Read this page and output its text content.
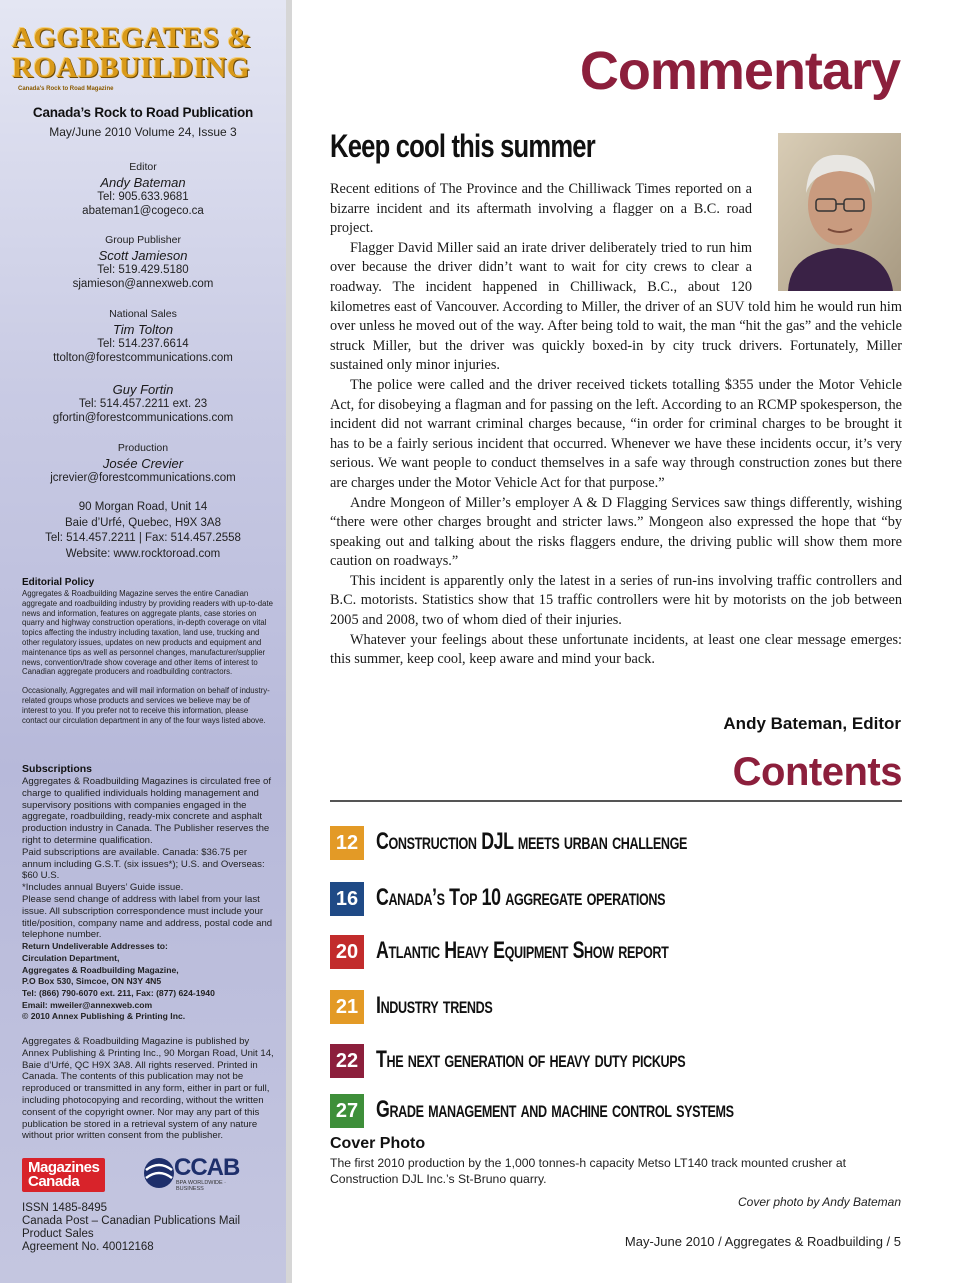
AGGREGATES &
ROADBUILDING
Canada's Rock to Road Magazine
Canada’s Rock to Road Publication
May/June 2010 Volume 24, Issue 3
Editor
Andy Bateman
Tel: 905.633.9681
abateman1@cogeco.ca
Group Publisher
Scott Jamieson
Tel: 519.429.5180
sjamieson@annexweb.com
National Sales
Tim Tolton
Tel: 514.237.6614
ttolton@forestcommunications.com
Guy Fortin
Tel: 514.457.2211 ext. 23
gfortin@forestcommunications.com
Production
Josée Crevier
jcrevier@forestcommunications.com
90 Morgan Road, Unit 14
Baie d’Urfé, Quebec, H9X 3A8
Tel: 514.457.2211 | Fax: 514.457.2558
Website: www.rocktoroad.com
Editorial Policy
Aggregates & Roadbuilding Magazine serves the entire Canadian aggregate and roadbuilding industry by providing readers with up-to-date news and information, features on aggregate plants, case stories on quarry and highway construction operations, in-depth coverage on vital topics affecting the industry including taxation, land use, trucking and other regulatory issues, updates on new products and equipment and maintenance tips as well as personnel changes, manufacturer/supplier news, convention/trade show coverage and other items of interest to Canadian aggregate producers and roadbuilding contractors.
Occasionally, Aggregates and will mail information on behalf of industry-related groups whose products and services we believe may be of interest to you. If you prefer not to receive this information, please contact our circulation department in any of the four ways listed above.
Subscriptions
Aggregates & Roadbuilding Magazines is circulated free of charge to qualified individuals holding management and supervisory positions with companies engaged in the aggregate, roadbuilding, ready-mix concrete and asphalt production industry in Canada. The Publisher reserves the right to determine qualification.
Paid subscriptions are available. Canada: $36.75 per annum including G.S.T. (six issues*); U.S. and Overseas: $60 U.S.
*Includes annual Buyers’ Guide issue.
Please send change of address with label from your last issue. All subscription correspondence must include your title/position, company name and address, postal code and telephone number.
Return Undeliverable Addresses to:
Circulation Department,
Aggregates & Roadbuilding Magazine,
P.O Box 530, Simcoe, ON N3Y 4N5
Tel: (866) 790-6070 ext. 211, Fax: (877) 624-1940
Email: mweiler@annexweb.com
© 2010 Annex Publishing & Printing Inc.
Aggregates & Roadbuilding Magazine is published by Annex Publishing & Printing Inc., 90 Morgan Road, Unit 14, Baie d’Urfé, QC H9X 3A8. All rights reserved. Printed in Canada. The contents of this publication may not be reproduced or transmitted in any form, either in part or full, including photocopying and recording, without the written consent of the copyright owner. Nor may any part of this publication be stored in a retrieval system of any nature without prior written consent from the publisher.
Magazines
Canada
CCAB
BPA WORLDWIDE · BUSINESS
ISSN 1485-8495
Canada Post – Canadian Publications Mail
Product Sales
Agreement No. 40012168
Commentary
Keep cool this summer

Recent editions of The Province and the Chilliwack Times reported on a bizarre incident and its aftermath involving a flagger on a B.C. road project.

Flagger David Miller said an irate driver deliberately tried to run him over because the driver didn’t want to wait for city crews to clear a roadway. The incident happened in Chilliwack, B.C., about 120 kilometres east of Vancouver. According to Miller, the driver of an SUV told him he would run him over unless he moved out of the way. After being told to wait, the man “hit the gas” and the vehicle struck Miller, but the driver was quickly boxed-in by city truck drivers. Fortunately, Miller sustained only minor injuries.

The police were called and the driver received tickets totalling $355 under the Motor Vehicle Act, for disobeying a flagman and for passing on the left. According to an RCMP spokesperson, the incident did not warrant criminal charges because, “in order for criminal charges to be brought it has to be a fairly serious incident that occurred. Whenever we have these incidents occur, it’s very serious. We want people to conduct themselves in a safe way through construction zones but there are charges under the Motor Vehicle Act for that purpose.”

Andre Mongeon of Miller’s employer A & D Flagging Services saw things differently, wishing “there were other charges brought and stricter laws.” Mongeon also expressed the hope that “by speaking out and talking about the risks flaggers endure, the driving public will show them more caution on roadways.”

This incident is apparently only the latest in a series of run-ins involving traffic controllers and B.C. motorists. Statistics show that 15 traffic controllers were hit by motorists on the job between 2005 and 2008, two of whom died of their injuries.

Whatever your feelings about these unfortunate incidents, at least one clear message emerges: this summer, keep cool, keep aware and mind your back.

Andy Bateman, Editor
Contents
12 Construction DJL meets urban challenge
16 Canada’s Top 10 aggregate operations
20 Atlantic Heavy Equipment Show report
21 Industry trends
22 The next generation of heavy duty pickups
27 Grade management and machine control systems
Cover Photo
The first 2010 production by the 1,000 tonnes-h capacity Metso LT140 track mounted crusher at Construction DJL Inc.’s St-Bruno quarry.
Cover photo by Andy Bateman
May-June 2010 / Aggregates & Roadbuilding / 5
